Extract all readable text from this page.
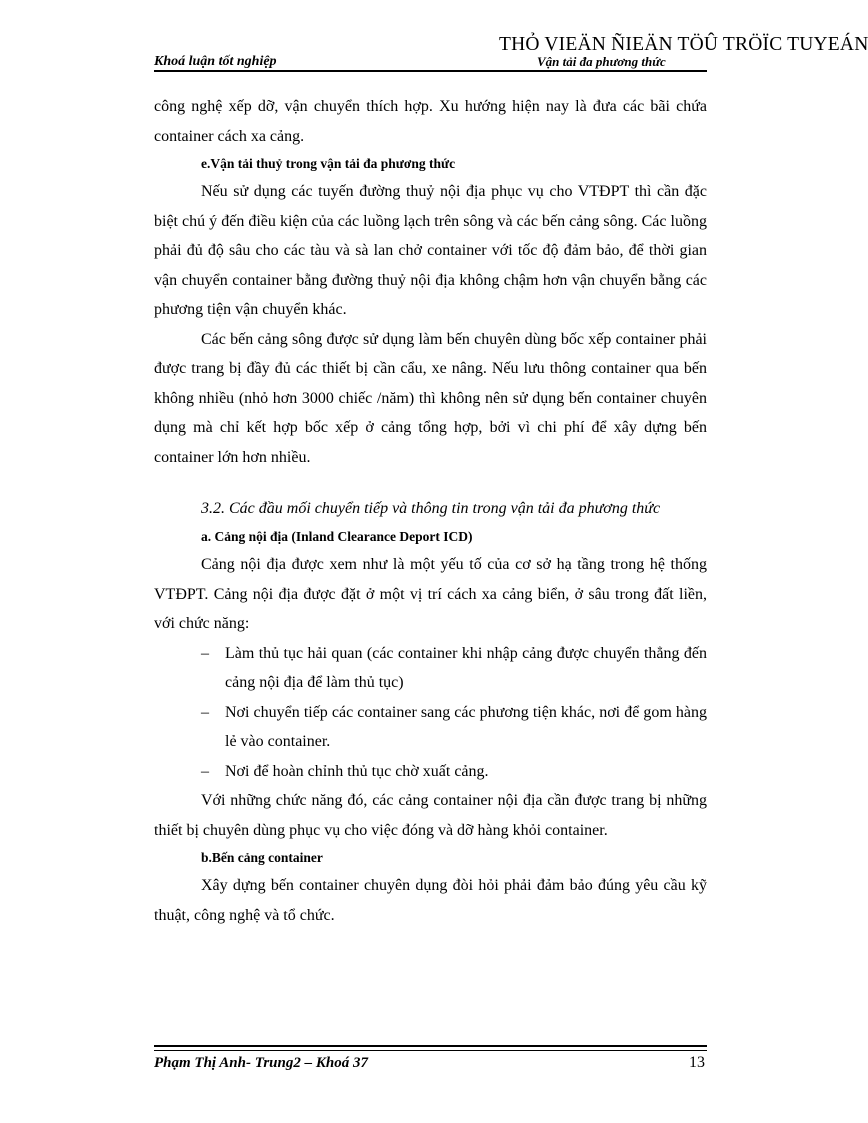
THỎ VIEÄN ÑIEÄN TÖÛ TRÖÏC TUYEÁN
Khoá luận tốt nghiệp	Vận tải đa phương thức

công nghệ xếp dỡ, vận chuyển thích hợp. Xu hướng hiện nay là đưa các bãi chứa container cách xa cảng.

e.Vận tải thuỷ trong vận tải đa phương thức

Nếu sử dụng các tuyến đường thuỷ nội địa phục vụ cho VTĐPT thì cần đặc biệt chú ý đến điều kiện của các luồng lạch trên sông và các bến cảng sông. Các luồng phải đủ độ sâu cho các tàu và sà lan chở container với tốc độ đảm bảo, để thời gian vận chuyển container bằng đường thuỷ nội địa không chậm hơn vận chuyển bằng các phương tiện vận chuyển khác.

Các bến cảng sông được sử dụng làm bến chuyên dùng bốc xếp container phải được trang bị đầy đủ các thiết bị cần cẩu, xe nâng. Nếu lưu thông container qua bến không nhiều (nhỏ hơn 3000 chiếc /năm) thì không nên sử dụng bến container chuyên dụng mà chỉ kết hợp bốc xếp ở cảng tổng hợp, bởi vì chi phí để xây dựng bến container lớn hơn nhiều.

3.2. Các đầu mối chuyển tiếp và thông tin trong vận tải đa phương thức
a. Cảng nội địa (Inland Clearance Deport ICD)

Cảng nội địa được xem như là một yếu tố của cơ sở hạ tầng trong hệ thống VTĐPT. Cảng nội địa được đặt ở một vị trí cách xa cảng biển, ở sâu trong đất liền, với chức năng:

– Làm thủ tục hải quan (các container khi nhập cảng được chuyển thẳng đến cảng nội địa để làm thủ tục)
– Nơi chuyển tiếp các container sang các phương tiện khác, nơi để gom hàng lẻ vào container.
– Nơi để hoàn chỉnh thủ tục chờ xuất cảng.

Với những chức năng đó, các cảng container nội địa cần được trang bị những thiết bị chuyên dùng phục vụ cho việc đóng và dỡ hàng khỏi container.

b.Bến cảng container

Xây dựng bến container chuyên dụng đòi hỏi phải đảm bảo đúng yêu cầu kỹ thuật, công nghệ và tổ chức.

Phạm Thị Anh- Trung2 – Khoá 37	13
